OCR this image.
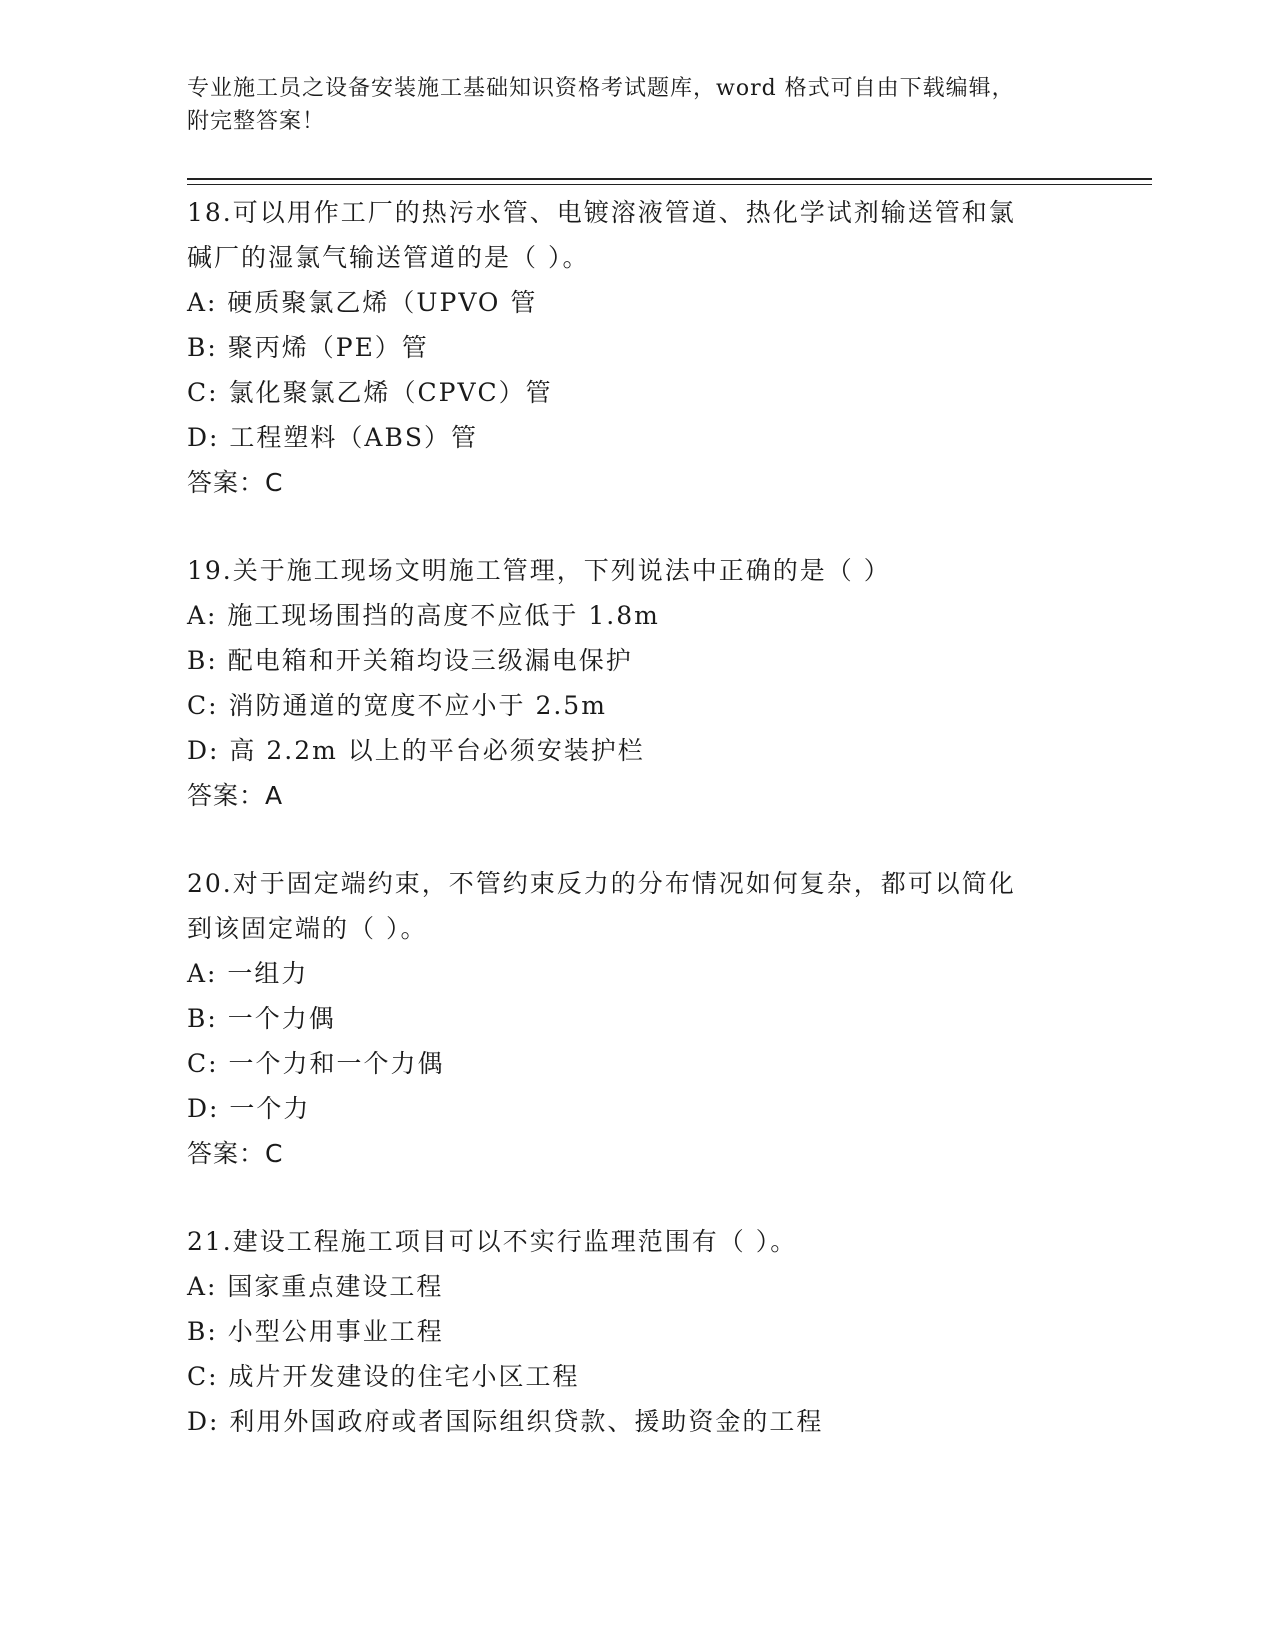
专业施工员之设备安装施工基础知识资格考试题库，word 格式可自由下载编辑，
附完整答案！

18.可以用作工厂的热污水管、电镀溶液管道、热化学试剂输送管和氯

碱厂的湿氯气输送管道的是（ ）。

A: 硬质聚氯乙烯（UPVO 管

B: 聚丙烯（PE）管

C: 氯化聚氯乙烯（CPVC）管

D: 工程塑料（ABS）管

答案：C

19.关于施工现场文明施工管理，下列说法中正确的是（ ）

A: 施工现场围挡的高度不应低于 1.8m

B: 配电箱和开关箱均设三级漏电保护

C: 消防通道的宽度不应小于 2.5m

D: 高 2.2m 以上的平台必须安装护栏

答案：A

20.对于固定端约束，不管约束反力的分布情况如何复杂，都可以简化

到该固定端的（ ）。

A: 一组力

B: 一个力偶

C: 一个力和一个力偶

D: 一个力

答案：C

21.建设工程施工项目可以不实行监理范围有（ ）。

A: 国家重点建设工程

B: 小型公用事业工程

C: 成片开发建设的住宅小区工程

D: 利用外国政府或者国际组织贷款、援助资金的工程
